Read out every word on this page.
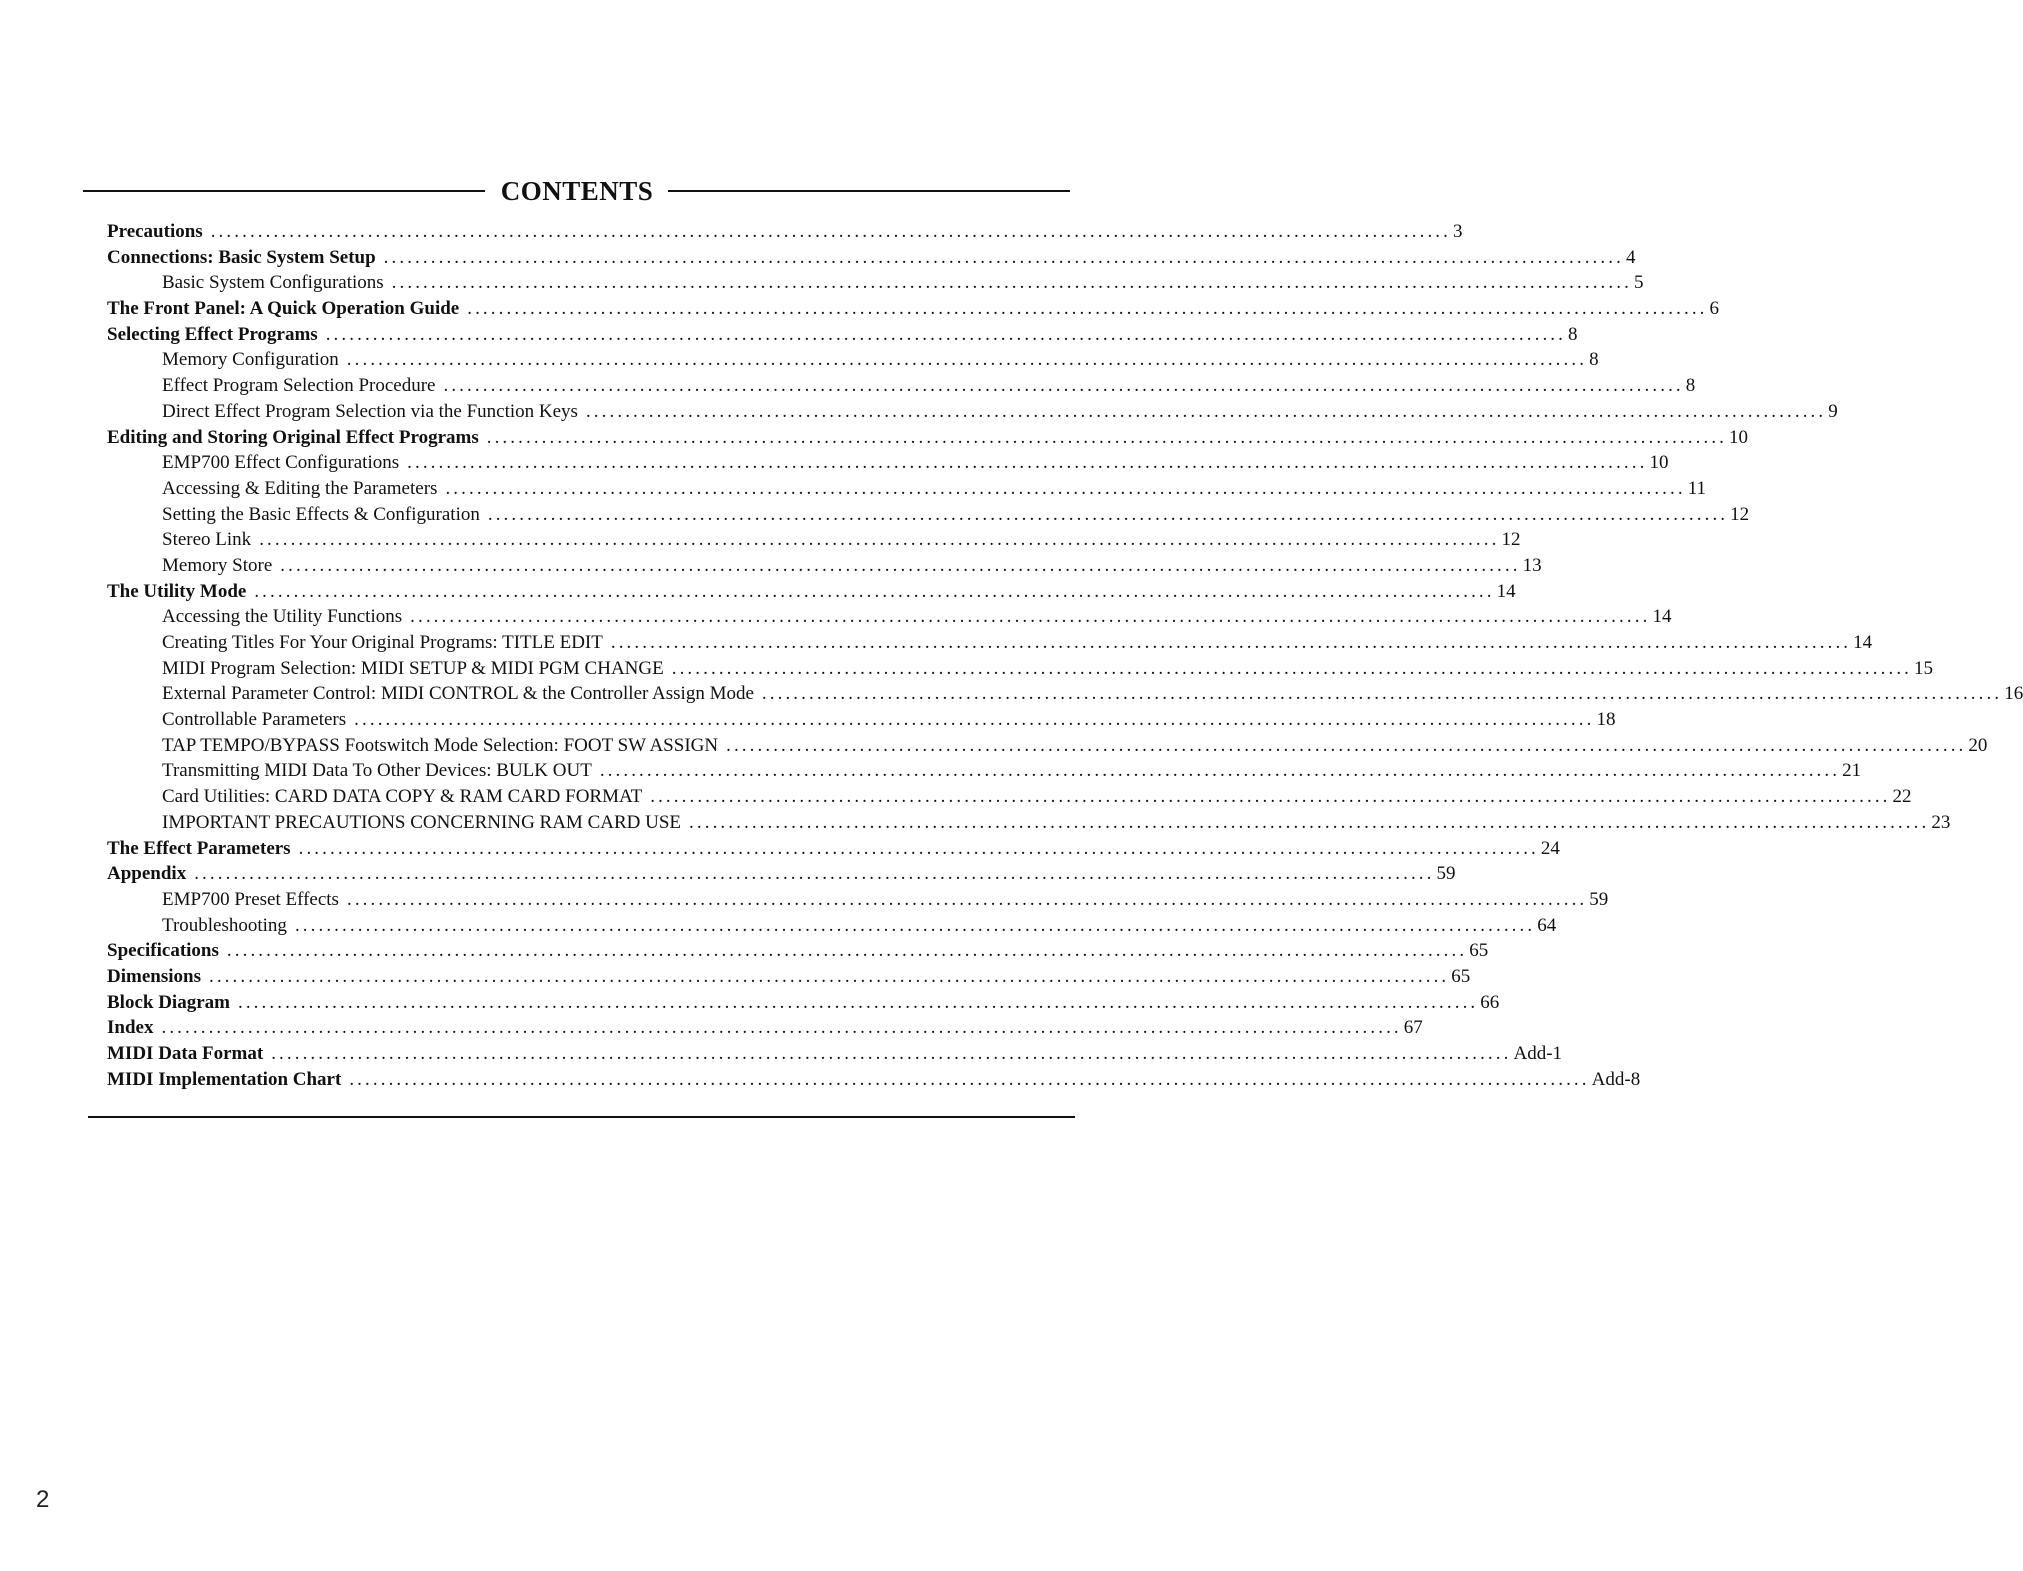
CONTENTS
Precautions .............................................................................................................................................................. 3
Connections: Basic System Setup .............................................................................................................................................................. 4
Basic System Configurations .............................................................................................................................................................. 5
The Front Panel: A Quick Operation Guide .............................................................................................................................................................. 6
Selecting Effect Programs .............................................................................................................................................................. 8
Memory Configuration .............................................................................................................................................................. 8
Effect Program Selection Procedure .............................................................................................................................................................. 8
Direct Effect Program Selection via the Function Keys .............................................................................................................................................................. 9
Editing and Storing Original Effect Programs .............................................................................................................................................................. 10
EMP700 Effect Configurations .............................................................................................................................................................. 10
Accessing & Editing the Parameters .............................................................................................................................................................. 11
Setting the Basic Effects & Configuration .............................................................................................................................................................. 12
Stereo Link .............................................................................................................................................................. 12
Memory Store .............................................................................................................................................................. 13
The Utility Mode .............................................................................................................................................................. 14
Accessing the Utility Functions .............................................................................................................................................................. 14
Creating Titles For Your Original Programs: TITLE EDIT .............................................................................................................................................................. 14
MIDI Program Selection: MIDI SETUP & MIDI PGM CHANGE .............................................................................................................................................................. 15
External Parameter Control: MIDI CONTROL & the Controller Assign Mode .............................................................................................................................................................. 16
Controllable Parameters .............................................................................................................................................................. 18
TAP TEMPO/BYPASS Footswitch Mode Selection: FOOT SW ASSIGN .............................................................................................................................................................. 20
Transmitting MIDI Data To Other Devices: BULK OUT .............................................................................................................................................................. 21
Card Utilities: CARD DATA COPY & RAM CARD FORMAT .............................................................................................................................................................. 22
IMPORTANT PRECAUTIONS CONCERNING RAM CARD USE .............................................................................................................................................................. 23
The Effect Parameters .............................................................................................................................................................. 24
Appendix .............................................................................................................................................................. 59
EMP700 Preset Effects .............................................................................................................................................................. 59
Troubleshooting .............................................................................................................................................................. 64
Specifications .............................................................................................................................................................. 65
Dimensions .............................................................................................................................................................. 65
Block Diagram .............................................................................................................................................................. 66
Index .............................................................................................................................................................. 67
MIDI Data Format .............................................................................................................................................................. Add-1
MIDI Implementation Chart .............................................................................................................................................................. Add-8
2
